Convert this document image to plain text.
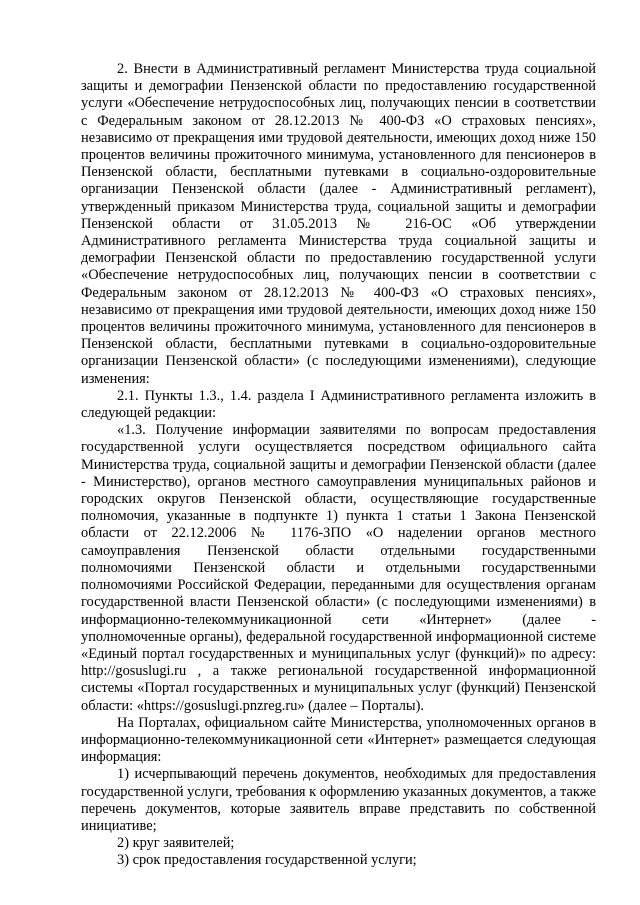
2. Внести в Административный регламент Министерства труда социальной защиты и демографии Пензенской области по предоставлению государственной услуги «Обеспечение нетрудоспособных лиц, получающих пенсии в соответствии с Федеральным законом от 28.12.2013 № 400-ФЗ «О страховых пенсиях», независимо от прекращения ими трудовой деятельности, имеющих доход ниже 150 процентов величины прожиточного минимума, установленного для пенсионеров в Пензенской области, бесплатными путевками в социально-оздоровительные организации Пензенской области (далее - Административный регламент), утвержденный приказом Министерства труда, социальной защиты и демографии Пензенской области от 31.05.2013 № 216-ОС «Об утверждении Административного регламента Министерства труда социальной защиты и демографии Пензенской области по предоставлению государственной услуги «Обеспечение нетрудоспособных лиц, получающих пенсии в соответствии с Федеральным законом от 28.12.2013 № 400-ФЗ «О страховых пенсиях», независимо от прекращения ими трудовой деятельности, имеющих доход ниже 150 процентов величины прожиточного минимума, установленного для пенсионеров в Пензенской области, бесплатными путевками в социально-оздоровительные организации Пензенской области» (с последующими изменениями), следующие изменения:

2.1. Пункты 1.3., 1.4. раздела I Административного регламента изложить в следующей редакции:

«1.3. Получение информации заявителями по вопросам предоставления государственной услуги осуществляется посредством официального сайта Министерства труда, социальной защиты и демографии Пензенской области (далее - Министерство), органов местного самоуправления муниципальных районов и городских округов Пензенской области, осуществляющие государственные полномочия, указанные в подпункте 1) пункта 1 статьи 1 Закона Пензенской области от 22.12.2006 № 1176-ЗПО «О наделении органов местного самоуправления Пензенской области отдельными государственными полномочиями Пензенской области и отдельными государственными полномочиями Российской Федерации, переданными для осуществления органам государственной власти Пензенской области» (с последующими изменениями) в информационно-телекоммуникационной сети «Интернет» (далее - уполномоченные органы), федеральной государственной информационной системе «Единый портал государственных и муниципальных услуг (функций)» по адресу: http://gosuslugi.ru , а также региональной государственной информационной системы «Портал государственных и муниципальных услуг (функций) Пензенской области: «https://gosuslugi.pnzreg.ru» (далее – Порталы).

На Порталах, официальном сайте Министерства, уполномоченных органов в информационно-телекоммуникационной сети «Интернет» размещается следующая информация:

1) исчерпывающий перечень документов, необходимых для предоставления государственной услуги, требования к оформлению указанных документов, а также перечень документов, которые заявитель вправе представить по собственной инициативе;

2) круг заявителей;

3) срок предоставления государственной услуги;
